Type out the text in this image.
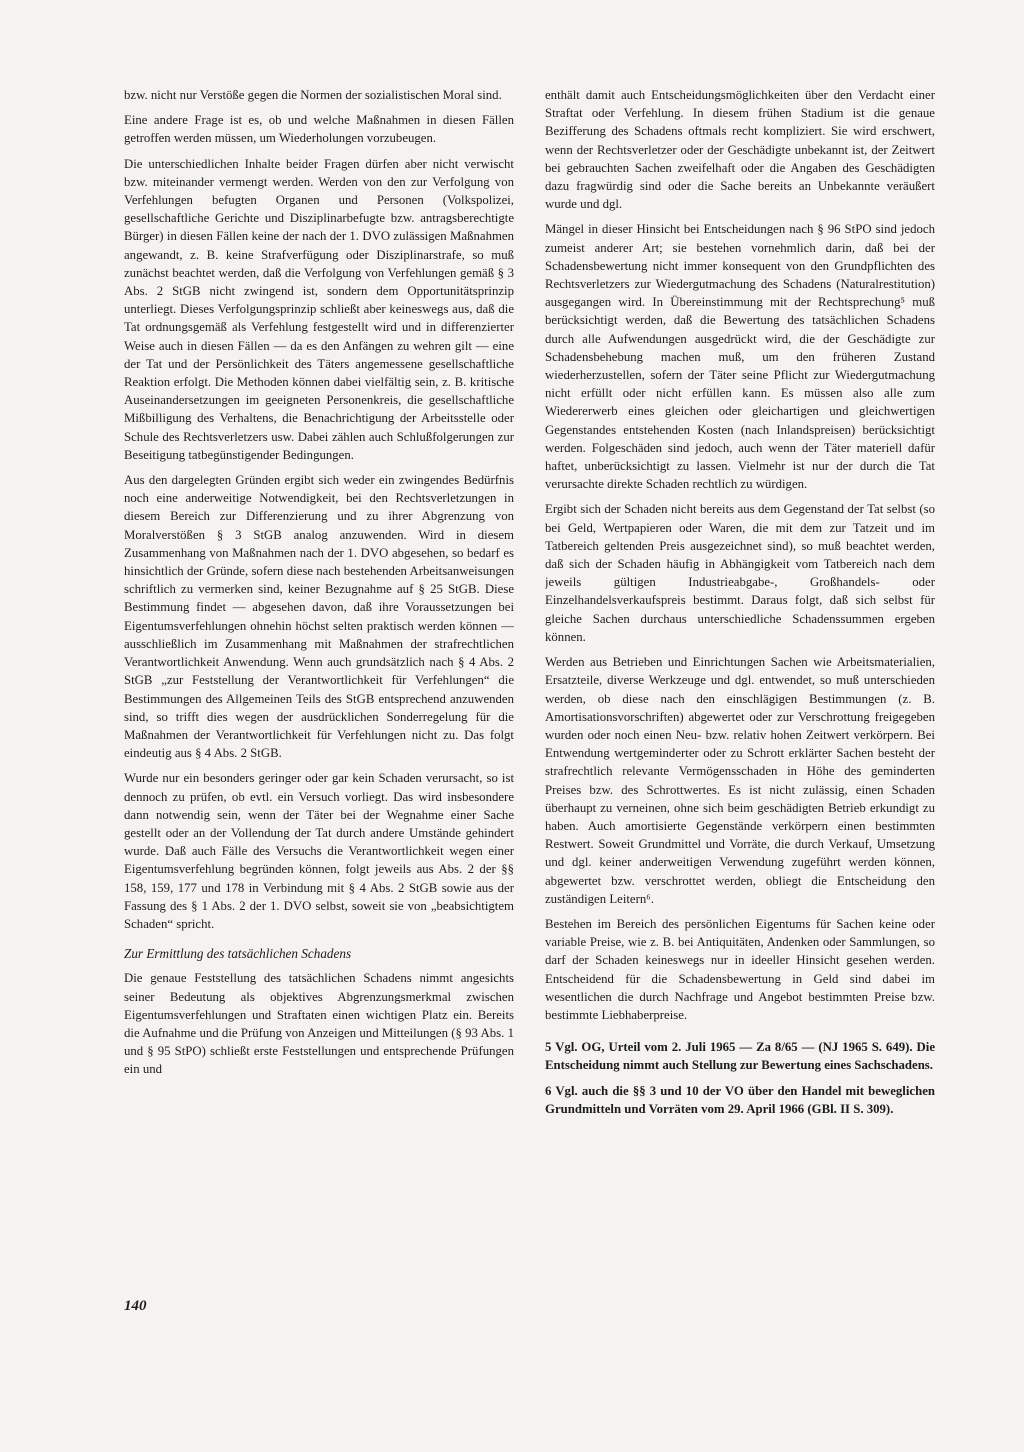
bzw. nicht nur Verstöße gegen die Normen der sozialistischen Moral sind.

Eine andere Frage ist es, ob und welche Maßnahmen in diesen Fällen getroffen werden müssen, um Wiederholungen vorzubeugen.

Die unterschiedlichen Inhalte beider Fragen dürfen aber nicht verwischt bzw. miteinander vermengt werden. Werden von den zur Verfolgung von Verfehlungen befugten Organen und Personen (Volkspolizei, gesellschaftliche Gerichte und Disziplinarbefugte bzw. antragsberechtigte Bürger) in diesen Fällen keine der nach der 1. DVO zulässigen Maßnahmen angewandt, z. B. keine Strafverfügung oder Disziplinarstrafe, so muß zunächst beachtet werden, daß die Verfolgung von Verfehlungen gemäß § 3 Abs. 2 StGB nicht zwingend ist, sondern dem Opportunitätsprinzip unterliegt. Dieses Verfolgungsprinzip schließt aber keineswegs aus, daß die Tat ordnungsgemäß als Verfehlung festgestellt wird und in differenzierter Weise auch in diesen Fällen — da es den Anfängen zu wehren gilt — eine der Tat und der Persönlichkeit des Täters angemessene gesellschaftliche Reaktion erfolgt. Die Methoden können dabei vielfältig sein, z. B. kritische Auseinandersetzungen im geeigneten Personenkreis, die gesellschaftliche Mißbilligung des Verhaltens, die Benachrichtigung der Arbeitsstelle oder Schule des Rechtsverletzers usw. Dabei zählen auch Schlußfolgerungen zur Beseitigung tatbegünstigender Bedingungen.

Aus den dargelegten Gründen ergibt sich weder ein zwingendes Bedürfnis noch eine anderweitige Notwendigkeit, bei den Rechtsverletzungen in diesem Bereich zur Differenzierung und zu ihrer Abgrenzung von Moralverstößen § 3 StGB analog anzuwenden. Wird in diesem Zusammenhang von Maßnahmen nach der 1. DVO abgesehen, so bedarf es hinsichtlich der Gründe, sofern diese nach bestehenden Arbeitsanweisungen schriftlich zu vermerken sind, keiner Bezugnahme auf § 25 StGB. Diese Bestimmung findet — abgesehen davon, daß ihre Voraussetzungen bei Eigentumsverfehlungen ohnehin höchst selten praktisch werden können — ausschließlich im Zusammenhang mit Maßnahmen der strafrechtlichen Verantwortlichkeit Anwendung. Wenn auch grundsätzlich nach § 4 Abs. 2 StGB „zur Feststellung der Verantwortlichkeit für Verfehlungen“ die Bestimmungen des Allgemeinen Teils des StGB entsprechend anzuwenden sind, so trifft dies wegen der ausdrücklichen Sonderregelung für die Maßnahmen der Verantwortlichkeit für Verfehlungen nicht zu. Das folgt eindeutig aus § 4 Abs. 2 StGB.

Wurde nur ein besonders geringer oder gar kein Schaden verursacht, so ist dennoch zu prüfen, ob evtl. ein Versuch vorliegt. Das wird insbesondere dann notwendig sein, wenn der Täter bei der Wegnahme einer Sache gestellt oder an der Vollendung der Tat durch andere Umstände gehindert wurde. Daß auch Fälle des Versuchs die Verantwortlichkeit wegen einer Eigentumsverfehlung begründen können, folgt jeweils aus Abs. 2 der §§ 158, 159, 177 und 178 in Verbindung mit § 4 Abs. 2 StGB sowie aus der Fassung des § 1 Abs. 2 der 1. DVO selbst, soweit sie von „beabsichtigtem Schaden“ spricht.

Zur Ermittlung des tatsächlichen Schadens

Die genaue Feststellung des tatsächlichen Schadens nimmt angesichts seiner Bedeutung als objektives Abgrenzungsmerkmal zwischen Eigentumsverfehlungen und Straftaten einen wichtigen Platz ein. Bereits die Aufnahme und die Prüfung von Anzeigen und Mitteilungen (§ 93 Abs. 1 und § 95 StPO) schließt erste Feststellungen und entsprechende Prüfungen ein und

enthält damit auch Entscheidungsmöglichkeiten über den Verdacht einer Straftat oder Verfehlung. In diesem frühen Stadium ist die genaue Bezifferung des Schadens oftmals recht kompliziert. Sie wird erschwert, wenn der Rechtsverletzer oder der Geschädigte unbekannt ist, der Zeitwert bei gebrauchten Sachen zweifelhaft oder die Angaben des Geschädigten dazu fragwürdig sind oder die Sache bereits an Unbekannte veräußert wurde und dgl.

Mängel in dieser Hinsicht bei Entscheidungen nach § 96 StPO sind jedoch zumeist anderer Art; sie bestehen vornehmlich darin, daß bei der Schadensbewertung nicht immer konsequent von den Grundpflichten des Rechtsverletzers zur Wiedergutmachung des Schadens (Naturalrestitution) ausgegangen wird. In Übereinstimmung mit der Rechtsprechung⁵ muß berücksichtigt werden, daß die Bewertung des tatsächlichen Schadens durch alle Aufwendungen ausgedrückt wird, die der Geschädigte zur Schadensbehebung machen muß, um den früheren Zustand wiederherzustellen, sofern der Täter seine Pflicht zur Wiedergutmachung nicht erfüllt oder nicht erfüllen kann. Es müssen also alle zum Wiedererwerb eines gleichen oder gleichartigen und gleichwertigen Gegenstandes entstehenden Kosten (nach Inlandspreisen) berücksichtigt werden. Folgeschäden sind jedoch, auch wenn der Täter materiell dafür haftet, unberücksichtigt zu lassen. Vielmehr ist nur der durch die Tat verursachte direkte Schaden rechtlich zu würdigen.

Ergibt sich der Schaden nicht bereits aus dem Gegenstand der Tat selbst (so bei Geld, Wertpapieren oder Waren, die mit dem zur Tatzeit und im Tatbereich geltenden Preis ausgezeichnet sind), so muß beachtet werden, daß sich der Schaden häufig in Abhängigkeit vom Tatbereich nach dem jeweils gültigen Industrieabgabe-, Großhandels- oder Einzelhandelsverkaufspreis bestimmt. Daraus folgt, daß sich selbst für gleiche Sachen durchaus unterschiedliche Schadenssummen ergeben können.

Werden aus Betrieben und Einrichtungen Sachen wie Arbeitsmaterialien, Ersatzteile, diverse Werkzeuge und dgl. entwendet, so muß unterschieden werden, ob diese nach den einschlägigen Bestimmungen (z. B. Amortisationsvorschriften) abgewertet oder zur Verschrottung freigegeben wurden oder noch einen Neu- bzw. relativ hohen Zeitwert verkörpern. Bei Entwendung wertgeminderter oder zu Schrott erklärter Sachen besteht der strafrechtlich relevante Vermögensschaden in Höhe des geminderten Preises bzw. des Schrottwertes. Es ist nicht zulässig, einen Schaden überhaupt zu verneinen, ohne sich beim geschädigten Betrieb erkundigt zu haben. Auch amortisierte Gegenstände verkörpern einen bestimmten Restwert. Soweit Grundmittel und Vorräte, die durch Verkauf, Umsetzung und dgl. keiner anderweitigen Verwendung zugeführt werden können, abgewertet bzw. verschrottet werden, obliegt die Entscheidung den zuständigen Leitern⁶.

Bestehen im Bereich des persönlichen Eigentums für Sachen keine oder variable Preise, wie z. B. bei Antiquitäten, Andenken oder Sammlungen, so darf der Schaden keineswegs nur in ideeller Hinsicht gesehen werden. Entscheidend für die Schadensbewertung in Geld sind dabei im wesentlichen die durch Nachfrage und Angebot bestimmten Preise bzw. bestimmte Liebhaberpreise.

5 Vgl. OG, Urteil vom 2. Juli 1965 — Za 8/65 — (NJ 1965 S. 649). Die Entscheidung nimmt auch Stellung zur Bewertung eines Sachschadens.

6 Vgl. auch die §§ 3 und 10 der VO über den Handel mit beweglichen Grundmitteln und Vorräten vom 29. April 1966 (GBl. II S. 309).

140
